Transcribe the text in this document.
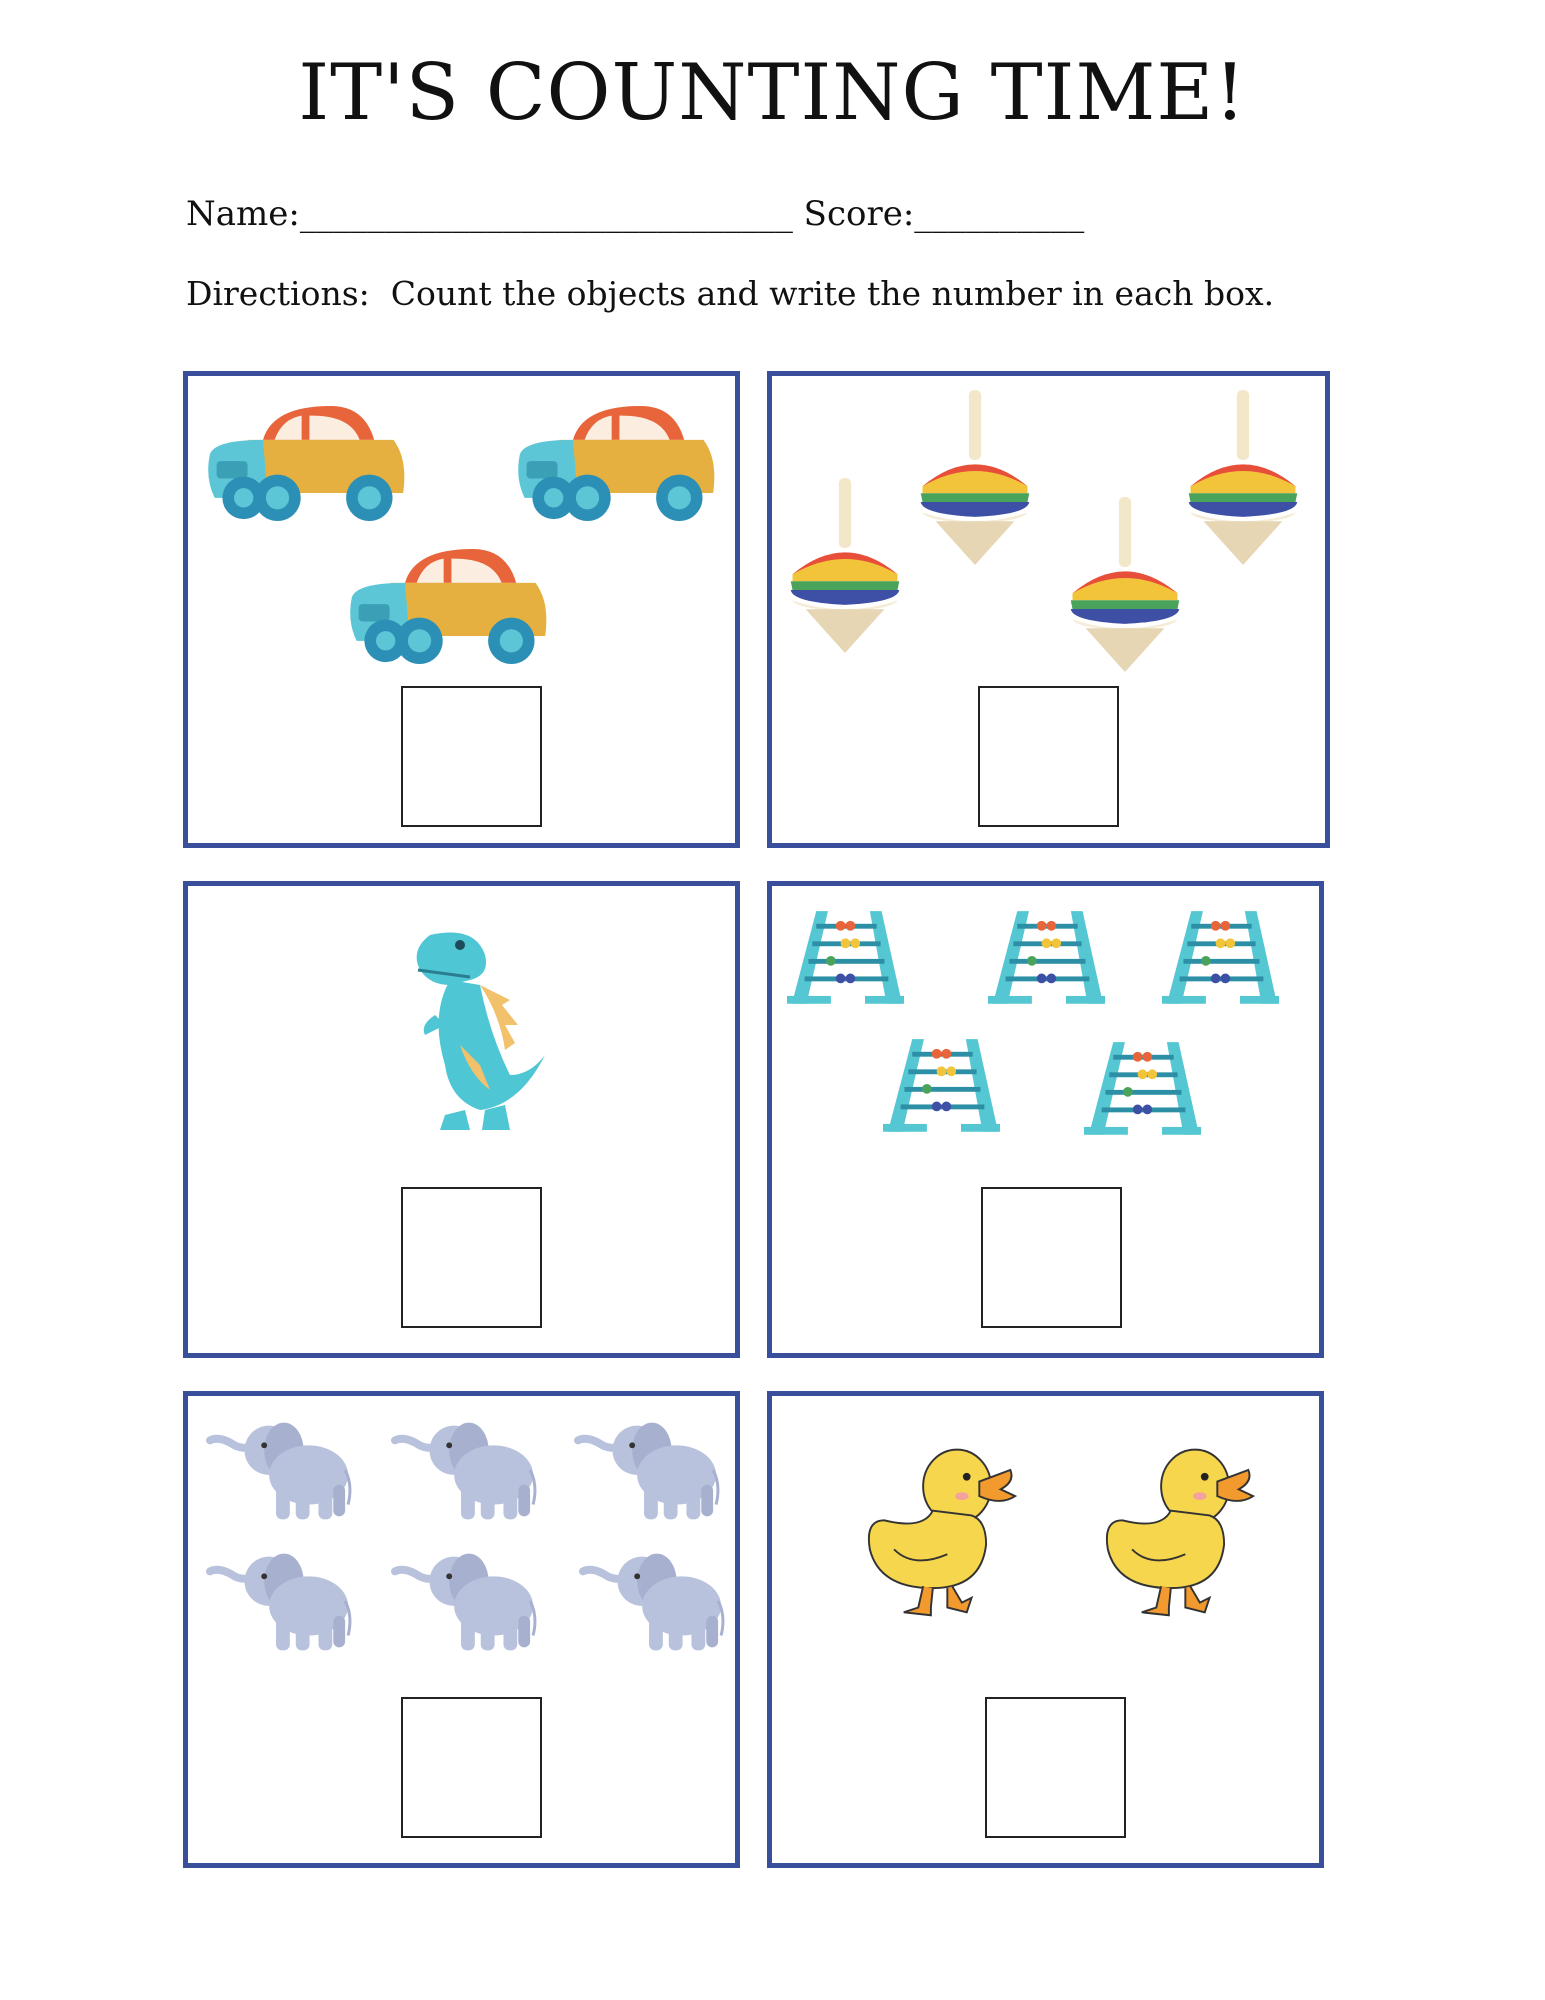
IT'S COUNTING TIME!
Name:_____________________________ Score:__________
Directions:  Count the objects and write the number in each box.
